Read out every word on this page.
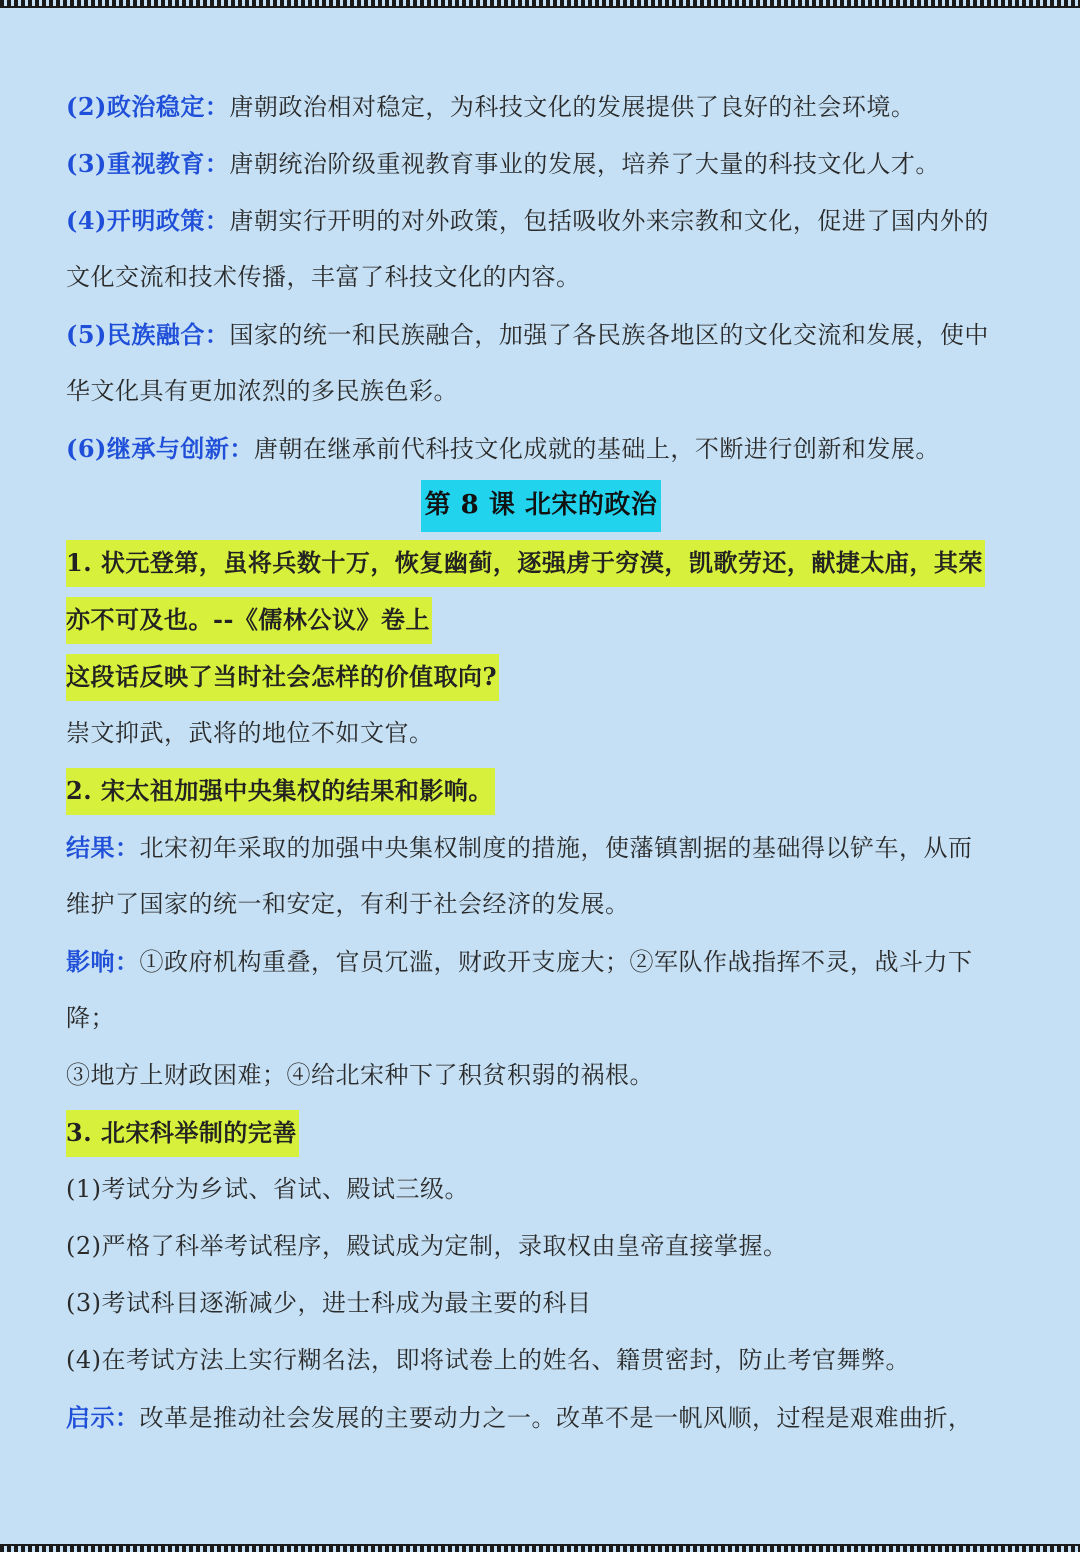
(2)政治稳定：唐朝政治相对稳定，为科技文化的发展提供了良好的社会环境。
(3)重视教育：唐朝统治阶级重视教育事业的发展，培养了大量的科技文化人才。
(4)开明政策：唐朝实行开明的对外政策，包括吸收外来宗教和文化，促进了国内外的
文化交流和技术传播，丰富了科技文化的内容。
(5)民族融合：国家的统一和民族融合，加强了各民族各地区的文化交流和发展，使中
华文化具有更加浓烈的多民族色彩。
(6)继承与创新：唐朝在继承前代科技文化成就的基础上，不断进行创新和发展。
第 8 课 北宋的政治
1. 状元登第，虽将兵数十万，恢复幽蓟，逐强虏于穷漠，凯歌劳还，献捷太庙，其荣
亦不可及也。--《儒林公议》卷上
这段话反映了当时社会怎样的价值取向?
崇文抑武，武将的地位不如文官。
2. 宋太祖加强中央集权的结果和影响。
结果：北宋初年采取的加强中央集权制度的措施，使藩镇割据的基础得以铲车，从而
维护了国家的统一和安定，有利于社会经济的发展。
影响：①政府机构重叠，官员冗滥，财政开支庞大；②军队作战指挥不灵，战斗力下
降；
③地方上财政困难；④给北宋种下了积贫积弱的祸根。
3. 北宋科举制的完善
(1)考试分为乡试、省试、殿试三级。
(2)严格了科举考试程序，殿试成为定制，录取权由皇帝直接掌握。
(3)考试科目逐渐减少，进士科成为最主要的科目
(4)在考试方法上实行糊名法，即将试卷上的姓名、籍贯密封，防止考官舞弊。
启示：改革是推动社会发展的主要动力之一。改革不是一帆风顺，过程是艰难曲折，
